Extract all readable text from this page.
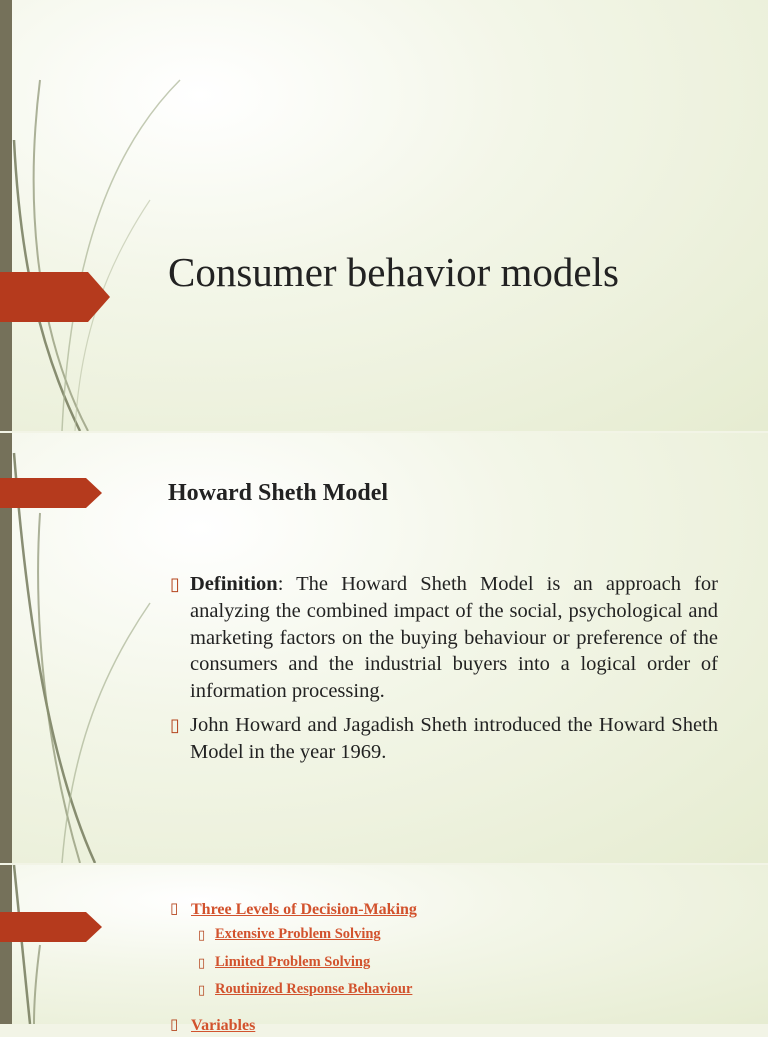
Consumer behavior models
Howard Sheth Model
▯ Definition: The Howard Sheth Model is an approach for analyzing the combined impact of the social, psychological and marketing factors on the buying behaviour or preference of the consumers and the industrial buyers into a logical order of information processing.
▯ John Howard and Jagadish Sheth introduced the Howard Sheth Model in the year 1969.
▯ Three Levels of Decision-Making
▯ Extensive Problem Solving
▯ Limited Problem Solving
▯ Routinized Response Behaviour
▯ Variables
